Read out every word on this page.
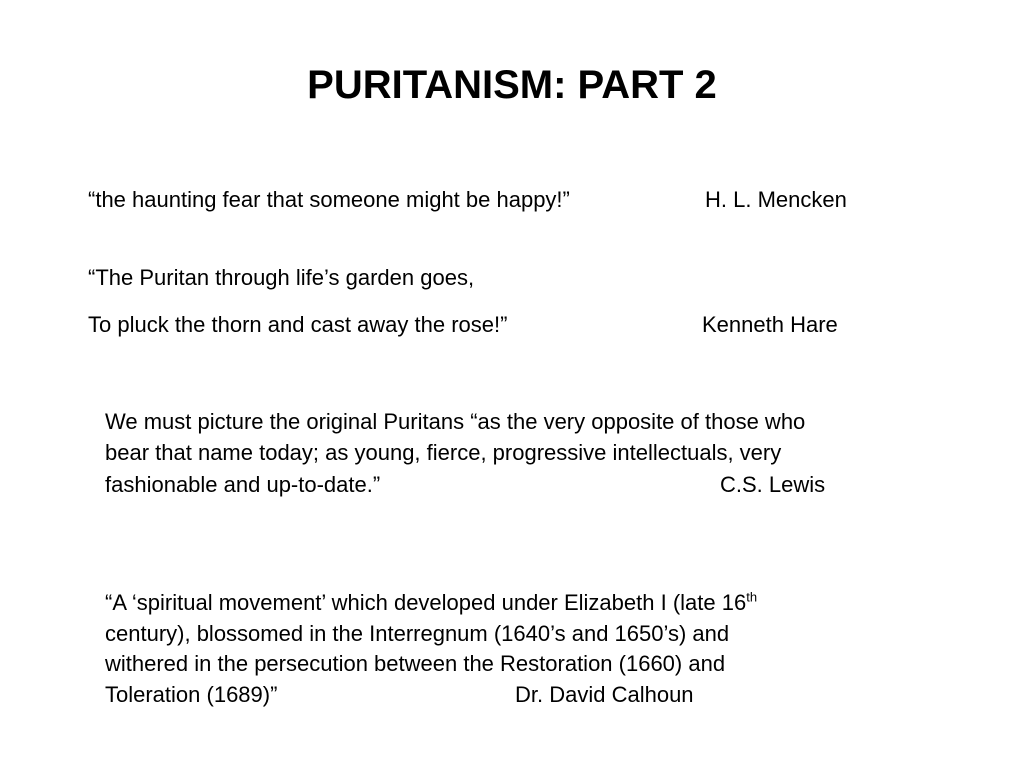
PURITANISM: PART 2
“the haunting fear that someone might be happy!”	H. L. Mencken
“The Puritan through life’s garden goes,
To pluck the thorn and cast away the rose!”	Kenneth Hare
We must picture the original Puritans “as the very opposite of those who
bear that name today; as young, fierce, progressive intellectuals, very
fashionable and up-to-date.”	C.S. Lewis
“A ‘spiritual movement’ which developed under Elizabeth I (late 16th
century), blossomed in the Interregnum (1640’s and 1650’s) and
withered in the persecution between the Restoration (1660) and
Toleration (1689)”	Dr. David Calhoun
